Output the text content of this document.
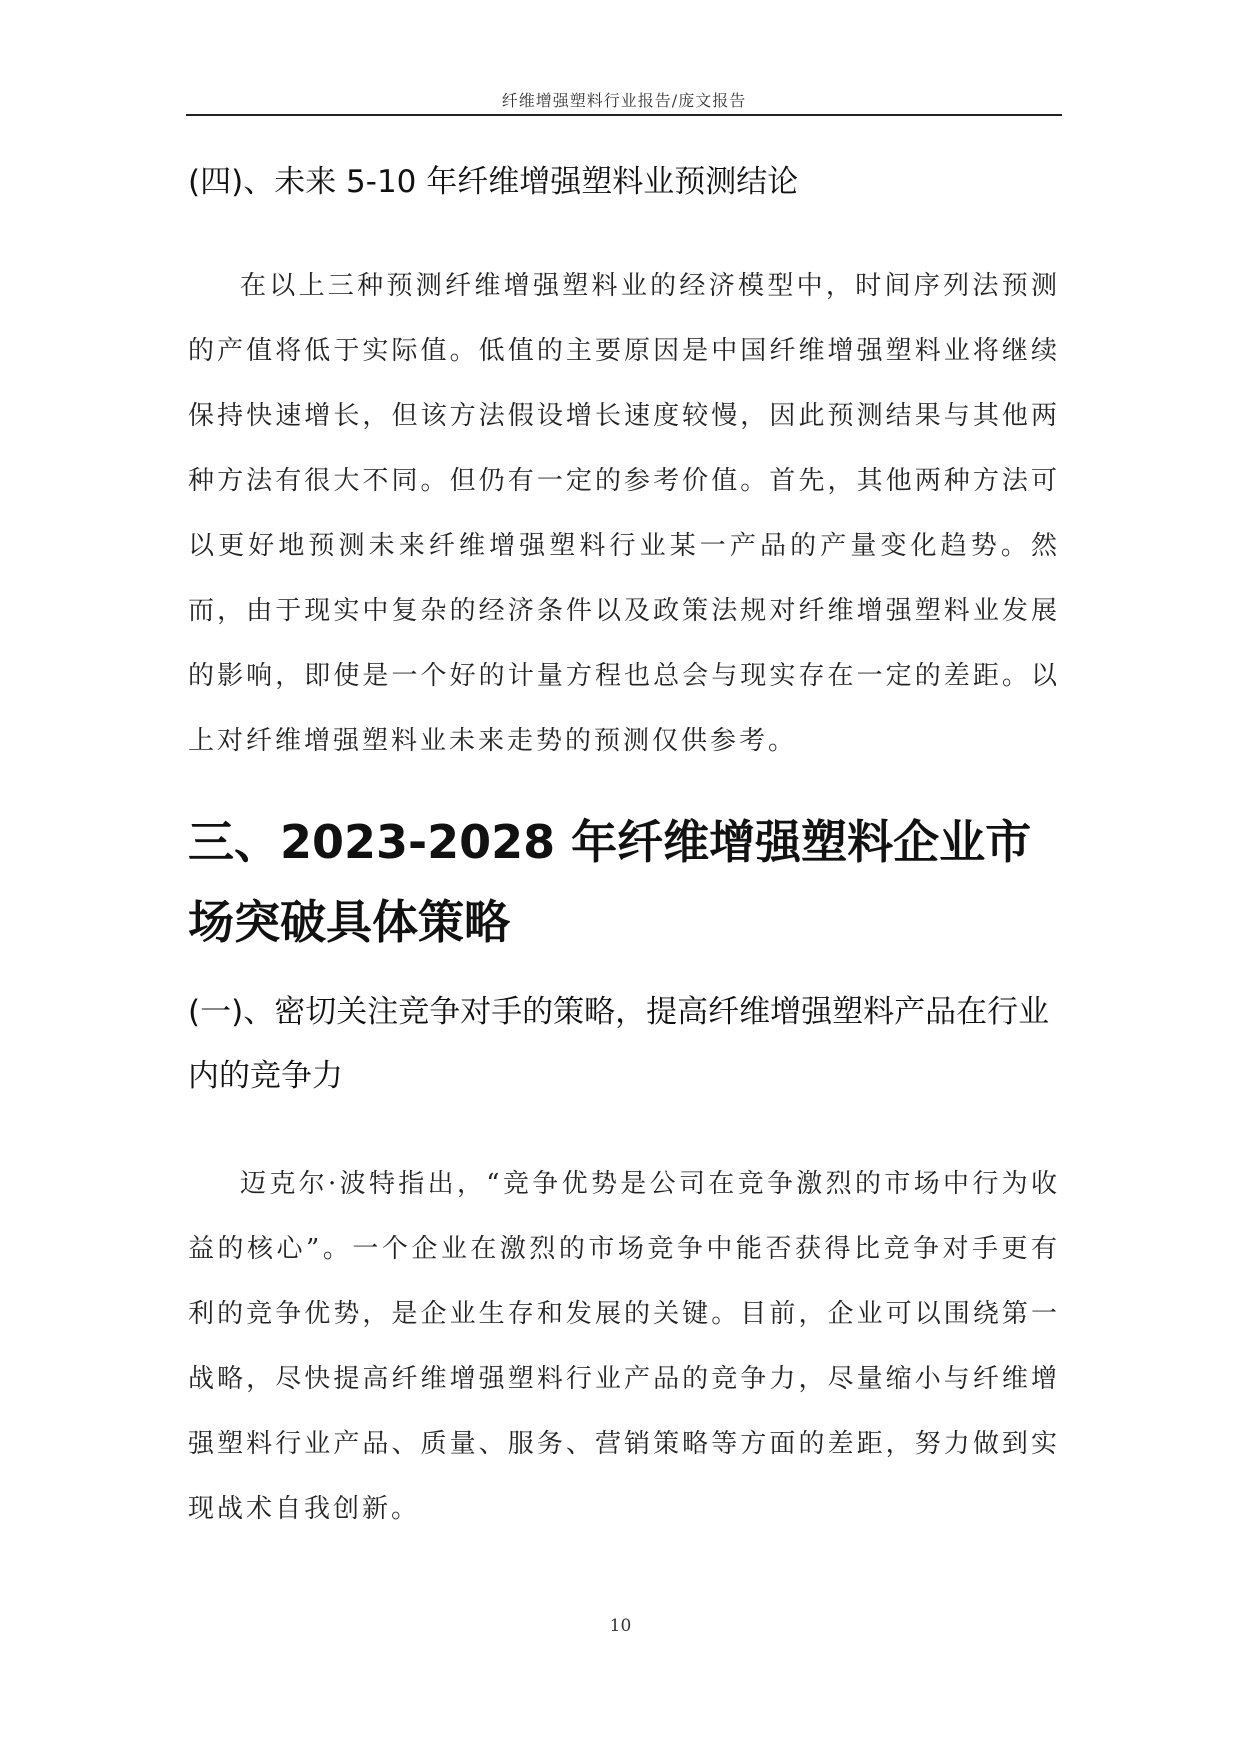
纤维增强塑料行业报告/庞文报告
(四)、未来 5-10 年纤维增强塑料业预测结论

在以上三种预测纤维增强塑料业的经济模型中，时间序列法预测的产值将低于实际值。低值的主要原因是中国纤维增强塑料业将继续保持快速增长，但该方法假设增长速度较慢，因此预测结果与其他两种方法有很大不同。但仍有一定的参考价值。首先，其他两种方法可以更好地预测未来纤维增强塑料行业某一产品的产量变化趋势。然而，由于现实中复杂的经济条件以及政策法规对纤维增强塑料业发展的影响，即使是一个好的计量方程也总会与现实存在一定的差距。以上对纤维增强塑料业未来走势的预测仅供参考。

三、2023-2028 年纤维增强塑料企业市场突破具体策略
(一)、密切关注竞争对手的策略，提高纤维增强塑料产品在行业内的竞争力

迈克尔·波特指出，“竞争优势是公司在竞争激烈的市场中行为收益的核心”。一个企业在激烈的市场竞争中能否获得比竞争对手更有利的竞争优势，是企业生存和发展的关键。目前，企业可以围绕第一战略，尽快提高纤维增强塑料行业产品的竞争力，尽量缩小与纤维增强塑料行业产品、质量、服务、营销策略等方面的差距，努力做到实现战术自我创新。

10
